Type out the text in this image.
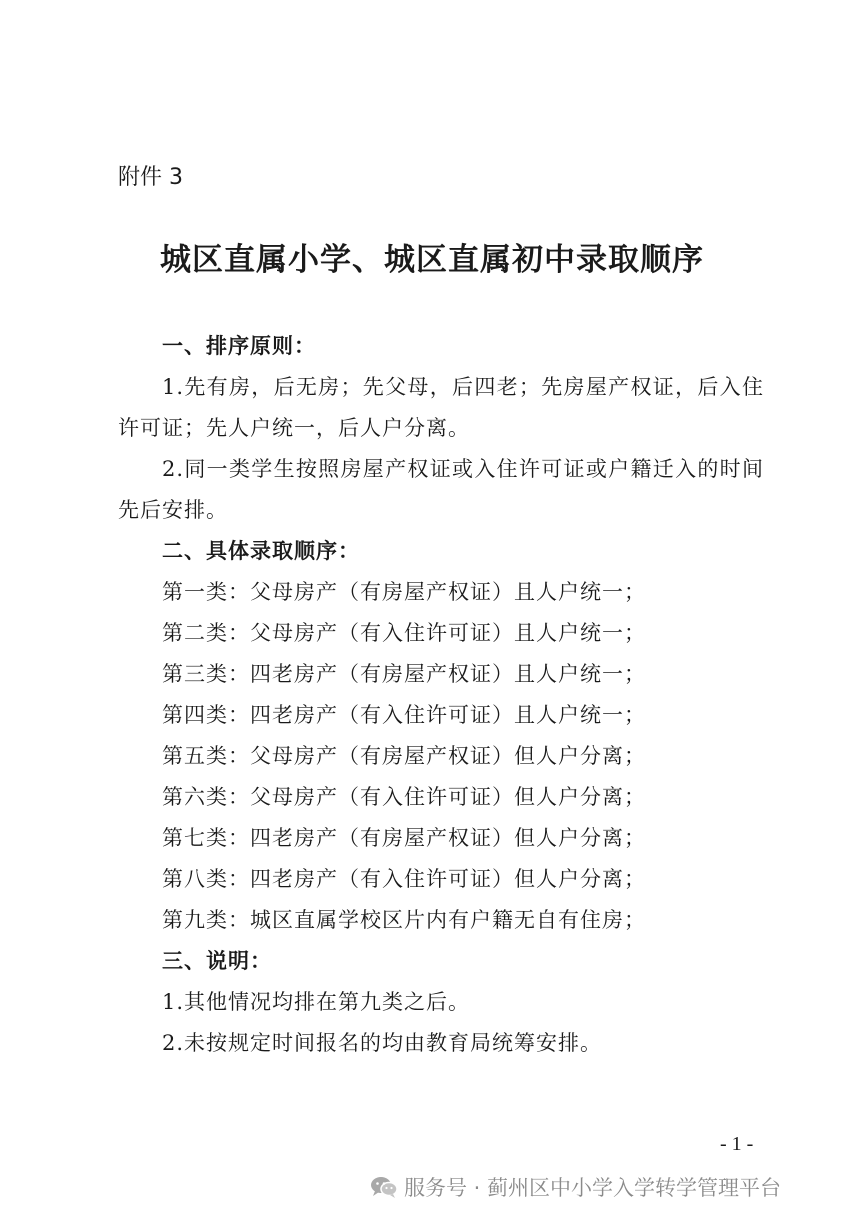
附件 3
城区直属小学、城区直属初中录取顺序

一、排序原则：

1.先有房，后无房；先父母，后四老；先房屋产权证，后入住许可证；先人户统一，后人户分离。

2.同一类学生按照房屋产权证或入住许可证或户籍迁入的时间先后安排。

二、具体录取顺序：

第一类：父母房产（有房屋产权证）且人户统一；

第二类：父母房产（有入住许可证）且人户统一；

第三类：四老房产（有房屋产权证）且人户统一；

第四类：四老房产（有入住许可证）且人户统一；

第五类：父母房产（有房屋产权证）但人户分离；

第六类：父母房产（有入住许可证）但人户分离；

第七类：四老房产（有房屋产权证）但人户分离；

第八类：四老房产（有入住许可证）但人户分离；

第九类：城区直属学校区片内有户籍无自有住房；

三、说明：

1.其他情况均排在第九类之后。

2.未按规定时间报名的均由教育局统筹安排。

- 1 -
服务号 · 蓟州区中小学入学转学管理平台
